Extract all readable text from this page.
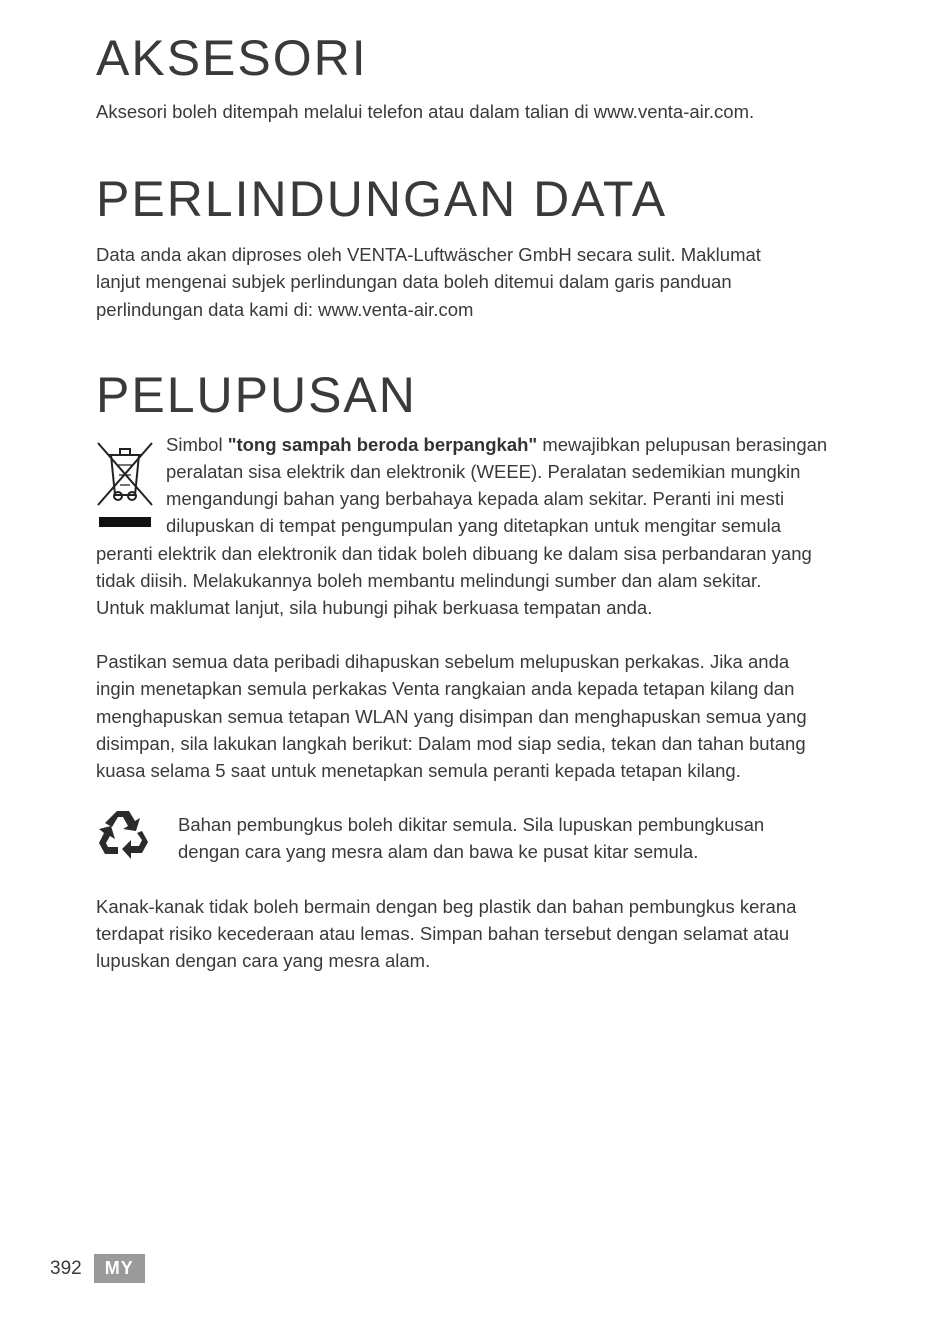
AKSESORI

Aksesori boleh ditempah melalui telefon atau dalam talian di www.venta-air.com.

PERLINDUNGAN DATA

Data anda akan diproses oleh VENTA-Luftwäscher GmbH secara sulit. Maklumat
lanjut mengenai subjek perlindungan data boleh ditemui dalam garis panduan
perlindungan data kami di: www.venta-air.com

PELUPUSAN

Simbol "tong sampah beroda berpangkah" mewajibkan pelupusan berasingan
peralatan sisa elektrik dan elektronik (WEEE). Peralatan sedemikian mungkin
mengandungi bahan yang berbahaya kepada alam sekitar. Peranti ini mesti
dilupuskan di tempat pengumpulan yang ditetapkan untuk mengitar semula
peranti elektrik dan elektronik dan tidak boleh dibuang ke dalam sisa perbandaran yang
tidak diisih. Melakukannya boleh membantu melindungi sumber dan alam sekitar.
Untuk maklumat lanjut, sila hubungi pihak berkuasa tempatan anda.

Pastikan semua data peribadi dihapuskan sebelum melupuskan perkakas. Jika anda
ingin menetapkan semula perkakas Venta rangkaian anda kepada tetapan kilang dan
menghapuskan semua tetapan WLAN yang disimpan dan menghapuskan semua yang
disimpan, sila lakukan langkah berikut: Dalam mod siap sedia, tekan dan tahan butang
kuasa selama 5 saat untuk menetapkan semula peranti kepada tetapan kilang.

Bahan pembungkus boleh dikitar semula. Sila lupuskan pembungkusan
dengan cara yang mesra alam dan bawa ke pusat kitar semula.

Kanak-kanak tidak boleh bermain dengan beg plastik dan bahan pembungkus kerana
terdapat risiko kecederaan atau lemas. Simpan bahan tersebut dengan selamat atau
lupuskan dengan cara yang mesra alam.

392	MY
